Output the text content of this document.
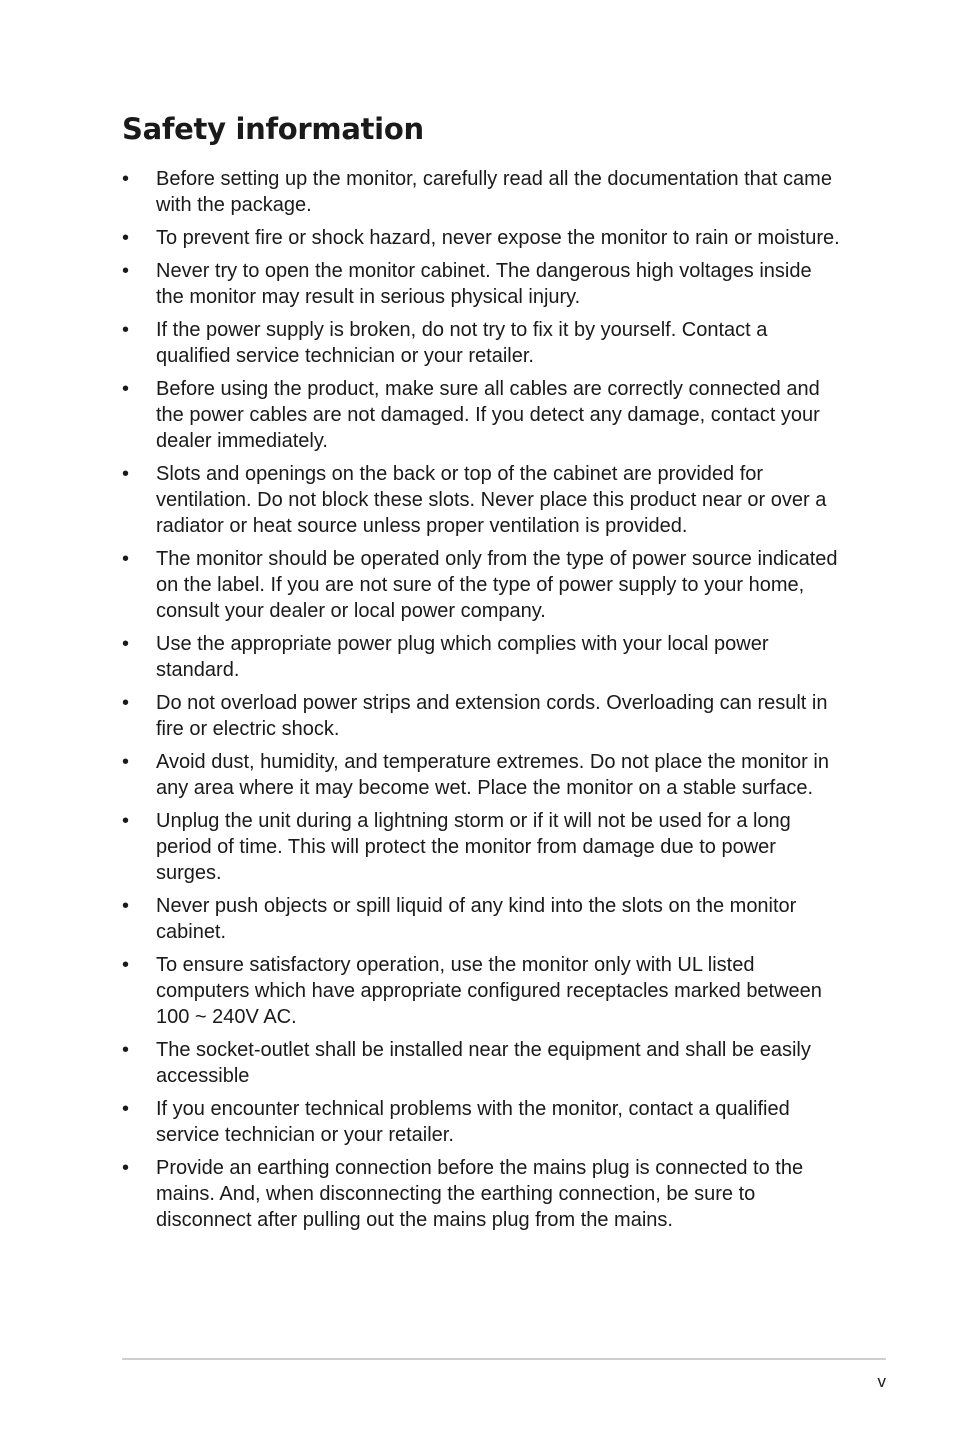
Safety information
• Before setting up the monitor, carefully read all the documentation that came with the package.
• To prevent fire or shock hazard, never expose the monitor to rain or moisture.
• Never try to open the monitor cabinet. The dangerous high voltages inside the monitor may result in serious physical injury.
• If the power supply is broken, do not try to fix it by yourself. Contact a qualified service technician or your retailer.
• Before using the product, make sure all cables are correctly connected and the power cables are not damaged. If you detect any damage, contact your dealer immediately.
• Slots and openings on the back or top of the cabinet are provided for ventilation. Do not block these slots. Never place this product near or over a radiator or heat source unless proper ventilation is provided.
• The monitor should be operated only from the type of power source indicated on the label. If you are not sure of the type of power supply to your home, consult your dealer or local power company.
• Use the appropriate power plug which complies with your local power standard.
• Do not overload power strips and extension cords. Overloading can result in fire or electric shock.
• Avoid dust, humidity, and temperature extremes. Do not place the monitor in any area where it may become wet. Place the monitor on a stable surface.
• Unplug the unit during a lightning storm or if it will not be used for a long period of time. This will protect the monitor from damage due to power surges.
• Never push objects or spill liquid of any kind into the slots on the monitor cabinet.
• To ensure satisfactory operation, use the monitor only with UL listed computers which have appropriate configured receptacles marked between 100 ~ 240V AC.
• The socket-outlet shall be installed near the equipment and shall be easily accessible
• If you encounter technical problems with the monitor, contact a qualified service technician or your retailer.
• Provide an earthing connection before the mains plug is connected to the mains. And, when disconnecting the earthing connection, be sure to disconnect after pulling out the mains plug from the mains.
v
